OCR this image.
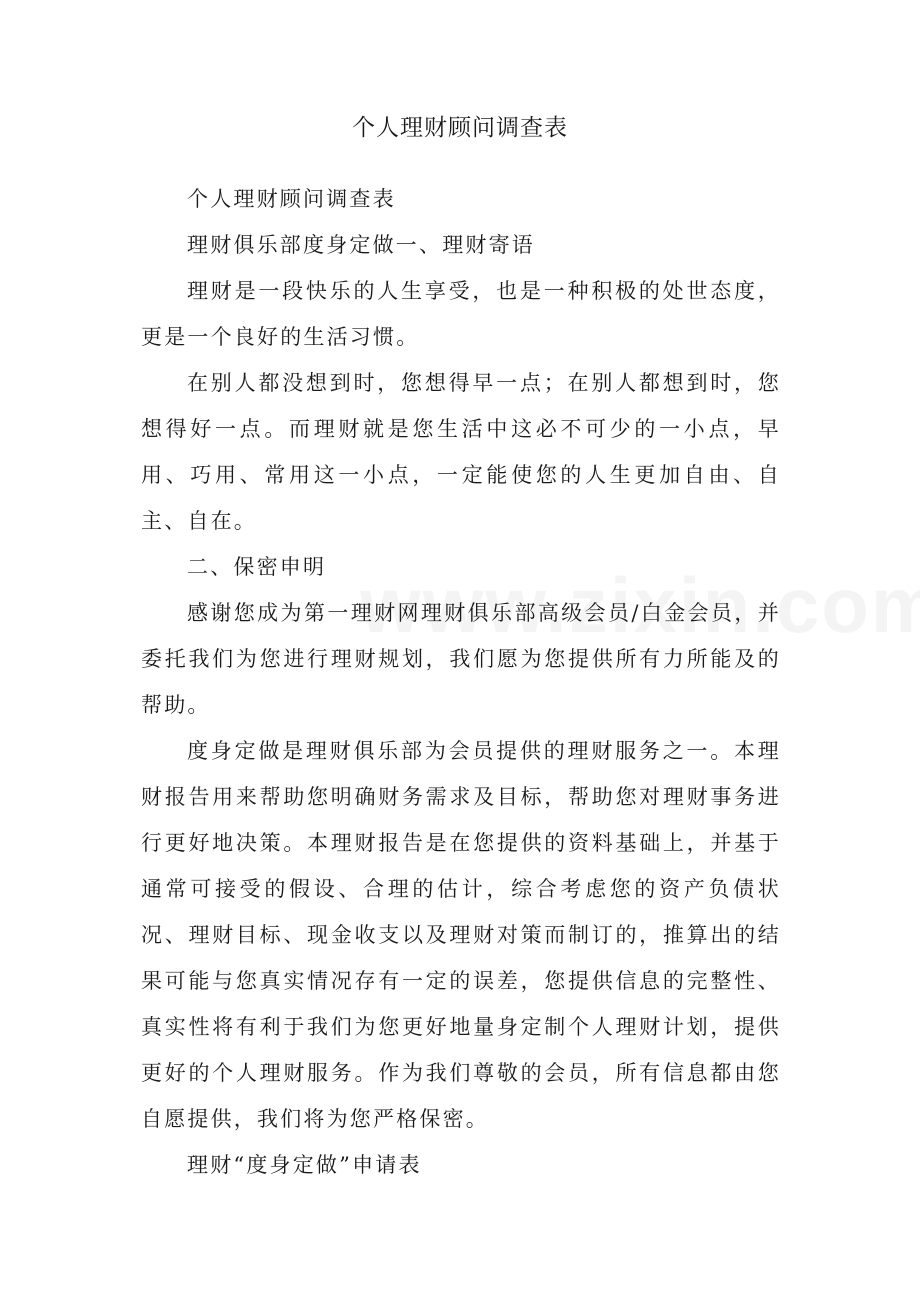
个人理财顾问调查表

个人理财顾问调查表

理财俱乐部度身定做一、理财寄语

理财是一段快乐的人生享受，也是一种积极的处世态度，更是一个良好的生活习惯。

在别人都没想到时，您想得早一点；在别人都想到时，您想得好一点。而理财就是您生活中这必不可少的一小点，早用、巧用、常用这一小点，一定能使您的人生更加自由、自主、自在。

二、保密申明

感谢您成为第一理财网理财俱乐部高级会员/白金会员，并委托我们为您进行理财规划，我们愿为您提供所有力所能及的帮助。

度身定做是理财俱乐部为会员提供的理财服务之一。本理财报告用来帮助您明确财务需求及目标，帮助您对理财事务进行更好地决策。本理财报告是在您提供的资料基础上，并基于通常可接受的假设、合理的估计，综合考虑您的资产负债状况、理财目标、现金收支以及理财对策而制订的，推算出的结果可能与您真实情况存有一定的误差，您提供信息的完整性、真实性将有利于我们为您更好地量身定制个人理财计划，提供更好的个人理财服务。作为我们尊敬的会员，所有信息都由您自愿提供，我们将为您严格保密。

理财“度身定做”申请表
